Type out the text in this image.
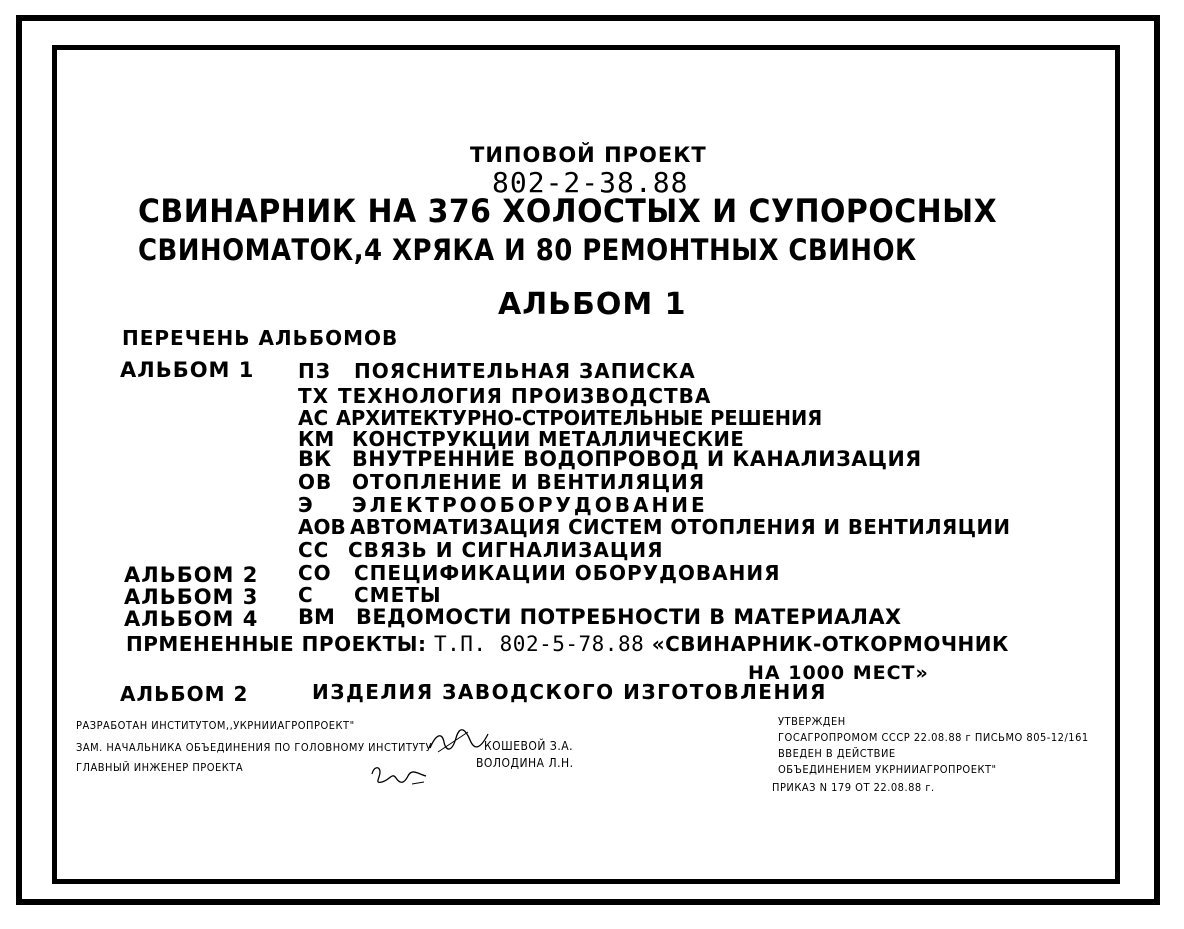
ТИПОВОЙ ПРОЕКТ
802-2-38.88
СВИНАРНИК НА 376 ХОЛОСТЫХ И СУПОРОСНЫХ
СВИНОМАТОК,4 ХРЯКА И 80 РЕМОНТНЫХ СВИНОК
АЛЬБОМ 1
ПЕРЕЧЕНЬ АЛЬБОМОВ
АЛЬБОМ 1 ПЗ ПОЯСНИТЕЛЬНАЯ ЗАПИСКА
ТХ ТЕХНОЛОГИЯ ПРОИЗВОДСТВА
АС АРХИТЕКТУРНО-СТРОИТЕЛЬНЫЕ РЕШЕНИЯ
КМ КОНСТРУКЦИИ МЕТАЛЛИЧЕСКИЕ
ВК ВНУТРЕННИЕ ВОДОПРОВОД И КАНАЛИЗАЦИЯ
ОВ ОТОПЛЕНИЕ И ВЕНТИЛЯЦИЯ
Э ЭЛЕКТРООБОРУДОВАНИЕ
АОВ АВТОМАТИЗАЦИЯ СИСТЕМ ОТОПЛЕНИЯ И ВЕНТИЛЯЦИИ
СС СВЯЗЬ И СИГНАЛИЗАЦИЯ
АЛЬБОМ 2 СО СПЕЦИФИКАЦИИ ОБОРУДОВАНИЯ
АЛЬБОМ 3 С СМЕТЫ
АЛЬБОМ 4 ВМ ВЕДОМОСТИ ПОТРЕБНОСТИ В МАТЕРИАЛАХ
ПРМЕНЕННЫЕ ПРОЕКТЫ: Т.П. 802-5-78.88 «СВИНАРНИК-ОТКОРМОЧНИК
НА 1000 МЕСТ»
АЛЬБОМ 2	ИЗДЕЛИЯ ЗАВОДСКОГО ИЗГОТОВЛЕНИЯ
РАЗРАБОТАН ИНСТИТУТОМ,,УКРНИИАГРОПРОЕКТ"
ЗАМ. НАЧАЛЬНИКА ОБЪЕДИНЕНИЯ ПО ГОЛОВНОМУ ИНСТИТУТУ	КОШЕВОЙ З.А.
ГЛАВНЫЙ ИНЖЕНЕР ПРОЕКТА	ВОЛОДИНА Л.Н.
УТВЕРЖДЕН
ГОСАГРОПРОМОМ СССР 22.08.88 г ПИСЬМО 805-12/161
ВВЕДЕН В ДЕЙСТВИЕ
ОБЪЕДИНЕНИЕМ УКРНИИАГРОПРОЕКТ"
ПРИКАЗ N 179 ОТ 22.08.88 г.
